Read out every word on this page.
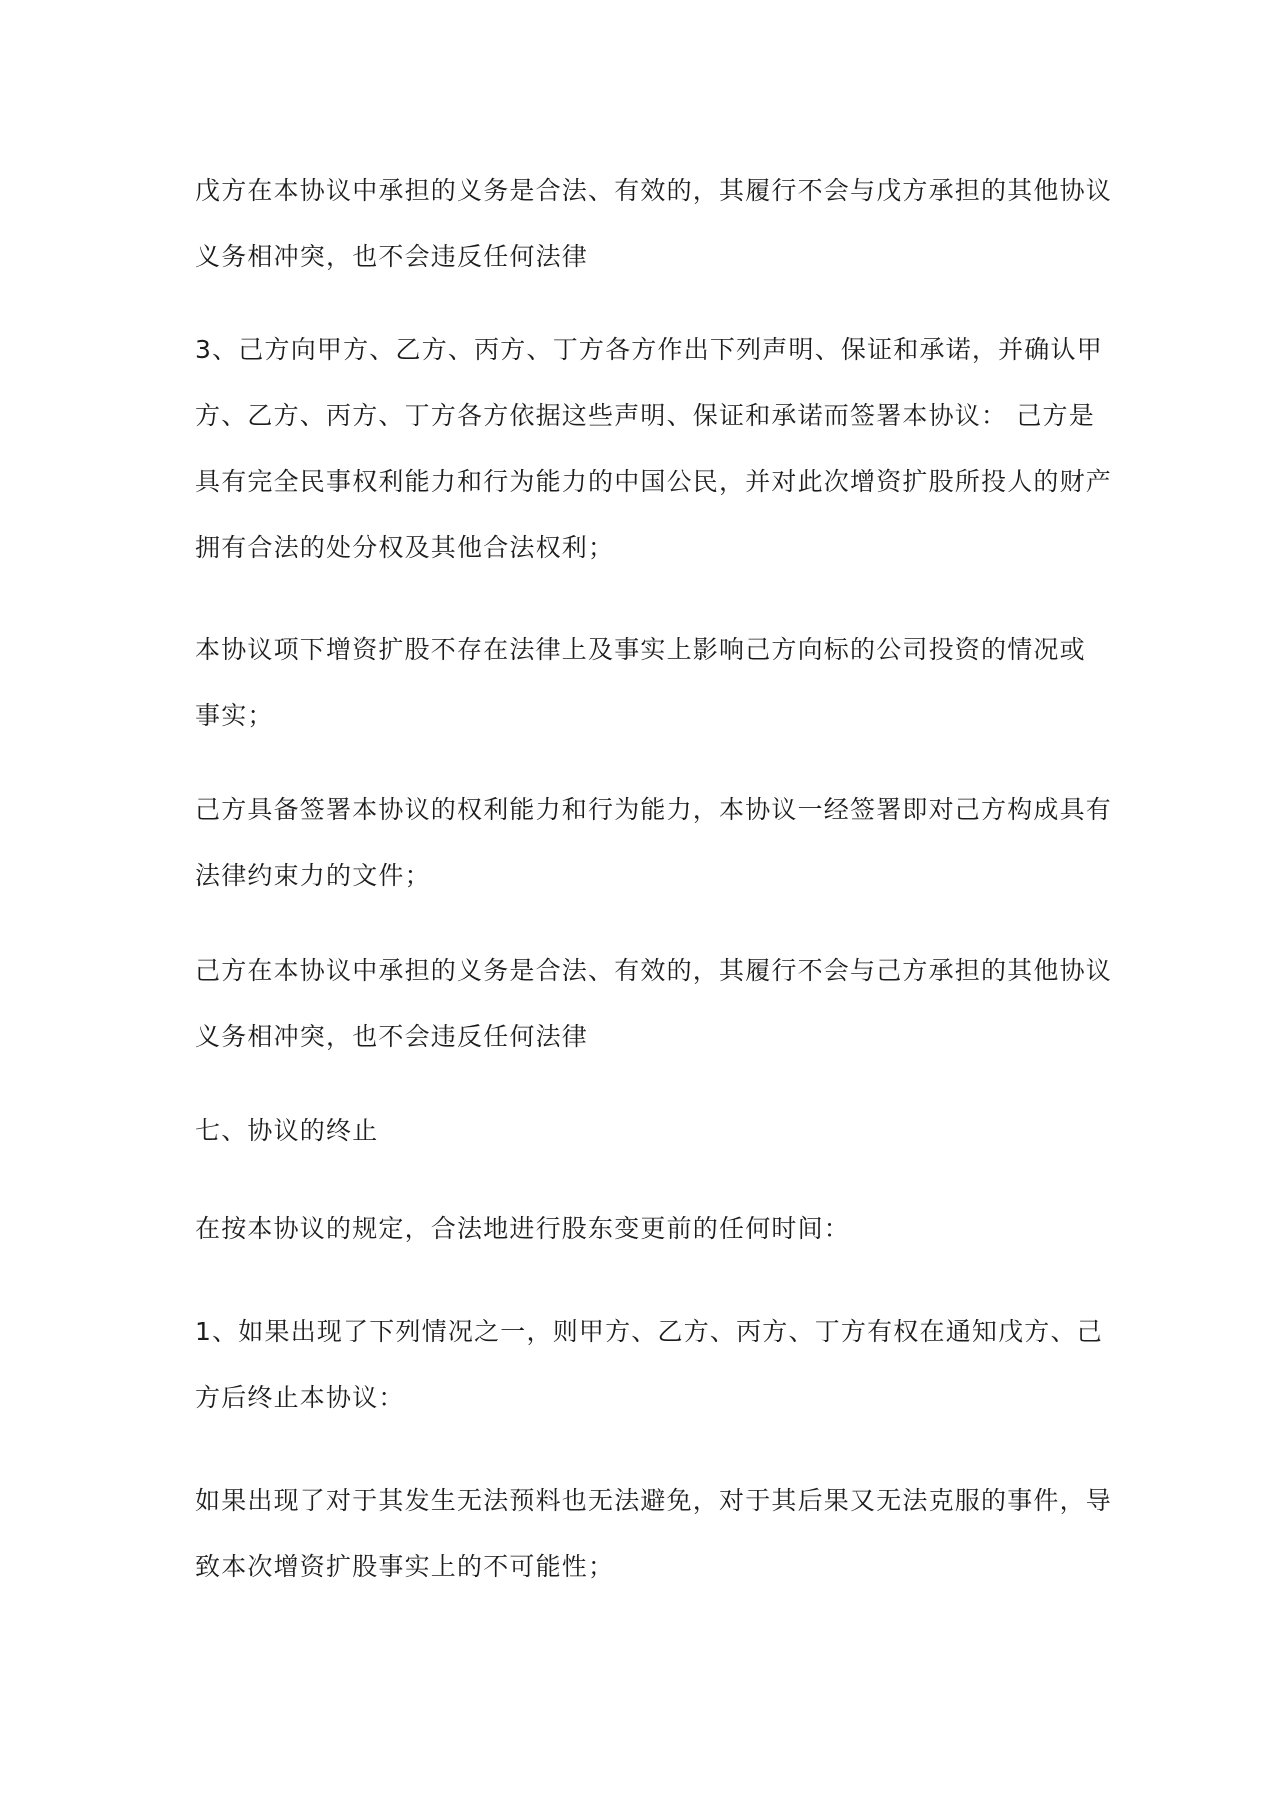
戊方在本协议中承担的义务是合法、有效的，其履行不会与戊方承担的其他协议
义务相冲突，也不会违反任何法律
3、己方向甲方、乙方、丙方、丁方各方作出下列声明、保证和承诺，并确认甲
方、乙方、丙方、丁方各方依据这些声明、保证和承诺而签署本协议： 己方是
具有完全民事权利能力和行为能力的中国公民，并对此次增资扩股所投人的财产
拥有合法的处分权及其他合法权利；
本协议项下增资扩股不存在法律上及事实上影响己方向标的公司投资的情况或
事实；
己方具备签署本协议的权利能力和行为能力，本协议一经签署即对己方构成具有
法律约束力的文件；
己方在本协议中承担的义务是合法、有效的，其履行不会与己方承担的其他协议
义务相冲突，也不会违反任何法律
七、协议的终止
在按本协议的规定，合法地进行股东变更前的任何时间：
1、如果出现了下列情况之一，则甲方、乙方、丙方、丁方有权在通知戊方、己
方后终止本协议：
如果出现了对于其发生无法预料也无法避免，对于其后果又无法克服的事件，导
致本次增资扩股事实上的不可能性；
